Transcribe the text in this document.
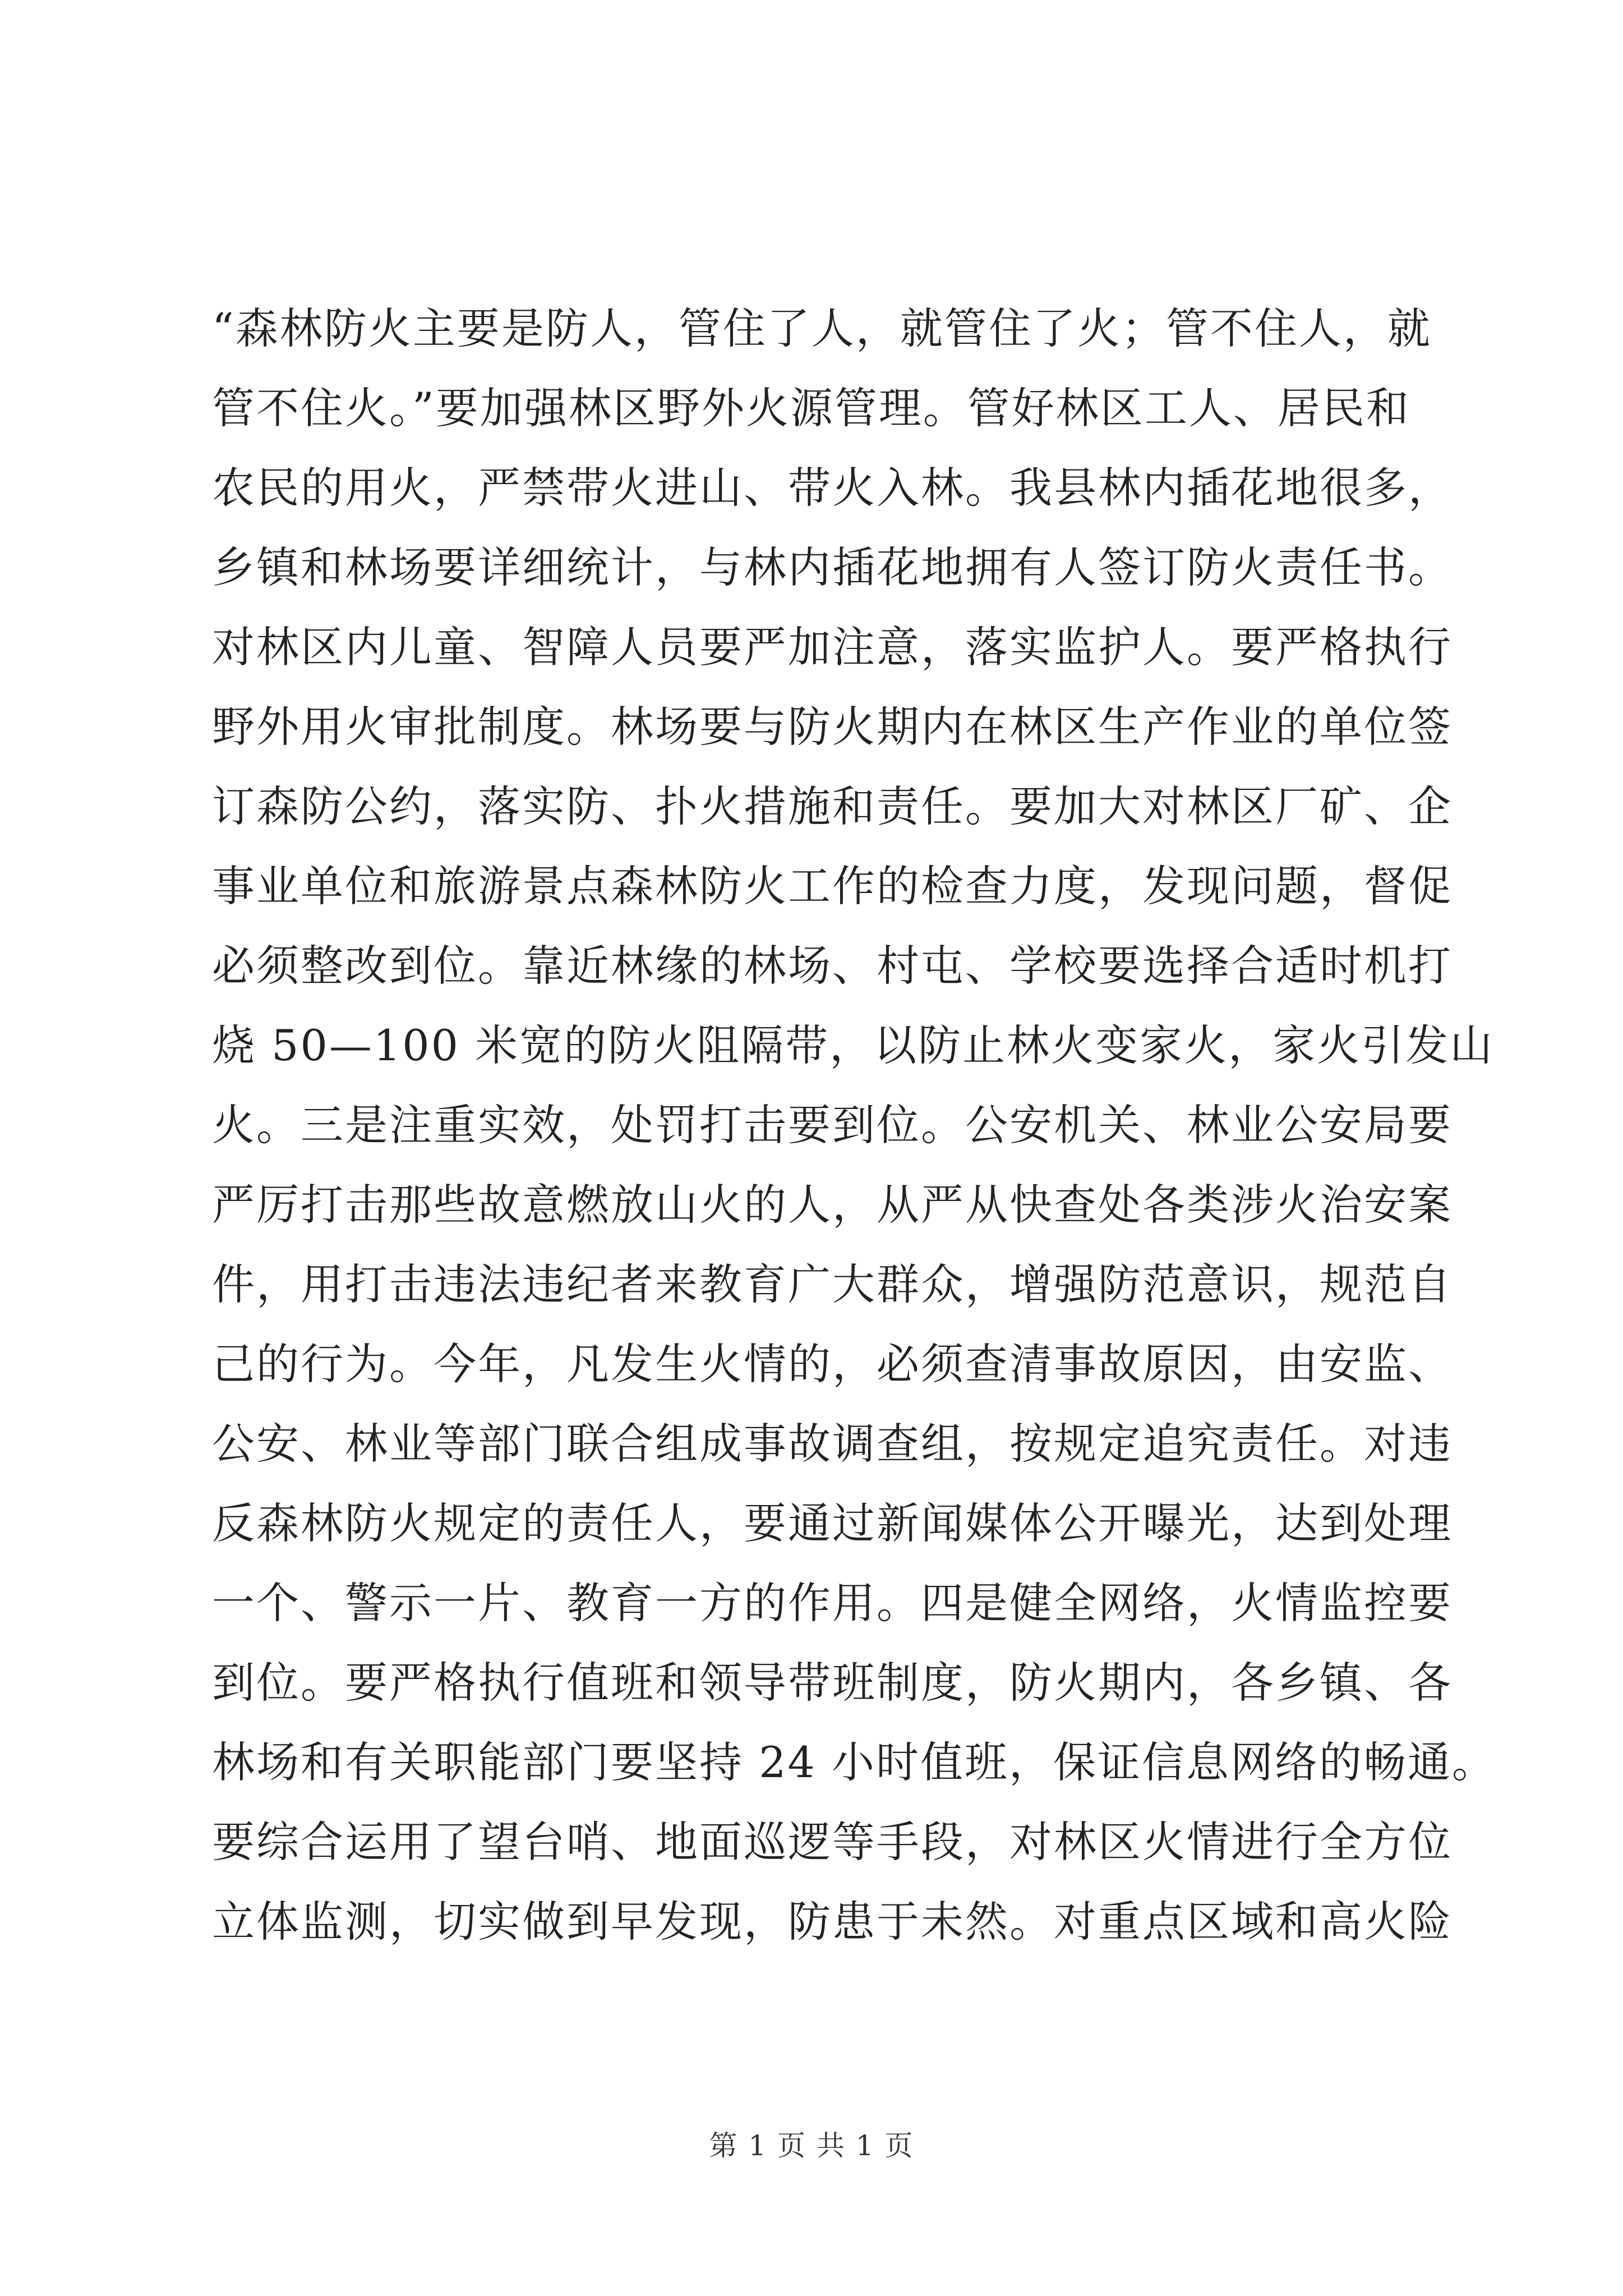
“森林防火主要是防人，管住了人，就管住了火；管不住人，就
管不住火。”要加强林区野外火源管理。管好林区工人、居民和
农民的用火，严禁带火进山、带火入林。我县林内插花地很多，
乡镇和林场要详细统计，与林内插花地拥有人签订防火责任书。
对林区内儿童、智障人员要严加注意，落实监护人。要严格执行
野外用火审批制度。林场要与防火期内在林区生产作业的单位签
订森防公约，落实防、扑火措施和责任。要加大对林区厂矿、企
事业单位和旅游景点森林防火工作的检查力度，发现问题，督促
必须整改到位。靠近林缘的林场、村屯、学校要选择合适时机打
烧 50—100 米宽的防火阻隔带，以防止林火变家火，家火引发山
火。三是注重实效，处罚打击要到位。公安机关、林业公安局要
严厉打击那些故意燃放山火的人，从严从快查处各类涉火治安案
件，用打击违法违纪者来教育广大群众，增强防范意识，规范自
己的行为。今年，凡发生火情的，必须查清事故原因，由安监、
公安、林业等部门联合组成事故调查组，按规定追究责任。对违
反森林防火规定的责任人，要通过新闻媒体公开曝光，达到处理
一个、警示一片、教育一方的作用。四是健全网络，火情监控要
到位。要严格执行值班和领导带班制度，防火期内，各乡镇、各
林场和有关职能部门要坚持 24 小时值班，保证信息网络的畅通。
要综合运用了望台哨、地面巡逻等手段，对林区火情进行全方位
立体监测，切实做到早发现，防患于未然。对重点区域和高火险
第 1 页 共 1 页
